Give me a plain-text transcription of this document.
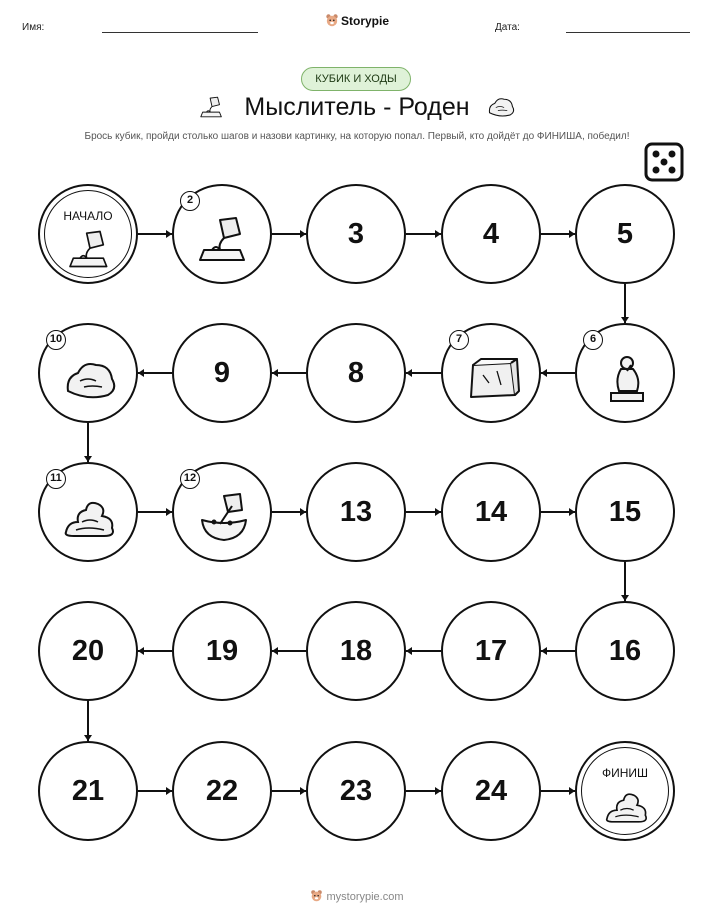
Имя:	Storypie	Дата:
КУБИК И ХОДЫ
Мыслитель - Роден
Брось кубик, пройди столько шагов и назови картинку, на которую попал. Первый, кто дойдёт до ФИНИША, победил!
НАЧАЛО
2
3	4	5
6
7
8
9
10
11	12
13	14	15
16
17
18
19
20
21	22	23	24
ФИНИШ
mystorypie.com
